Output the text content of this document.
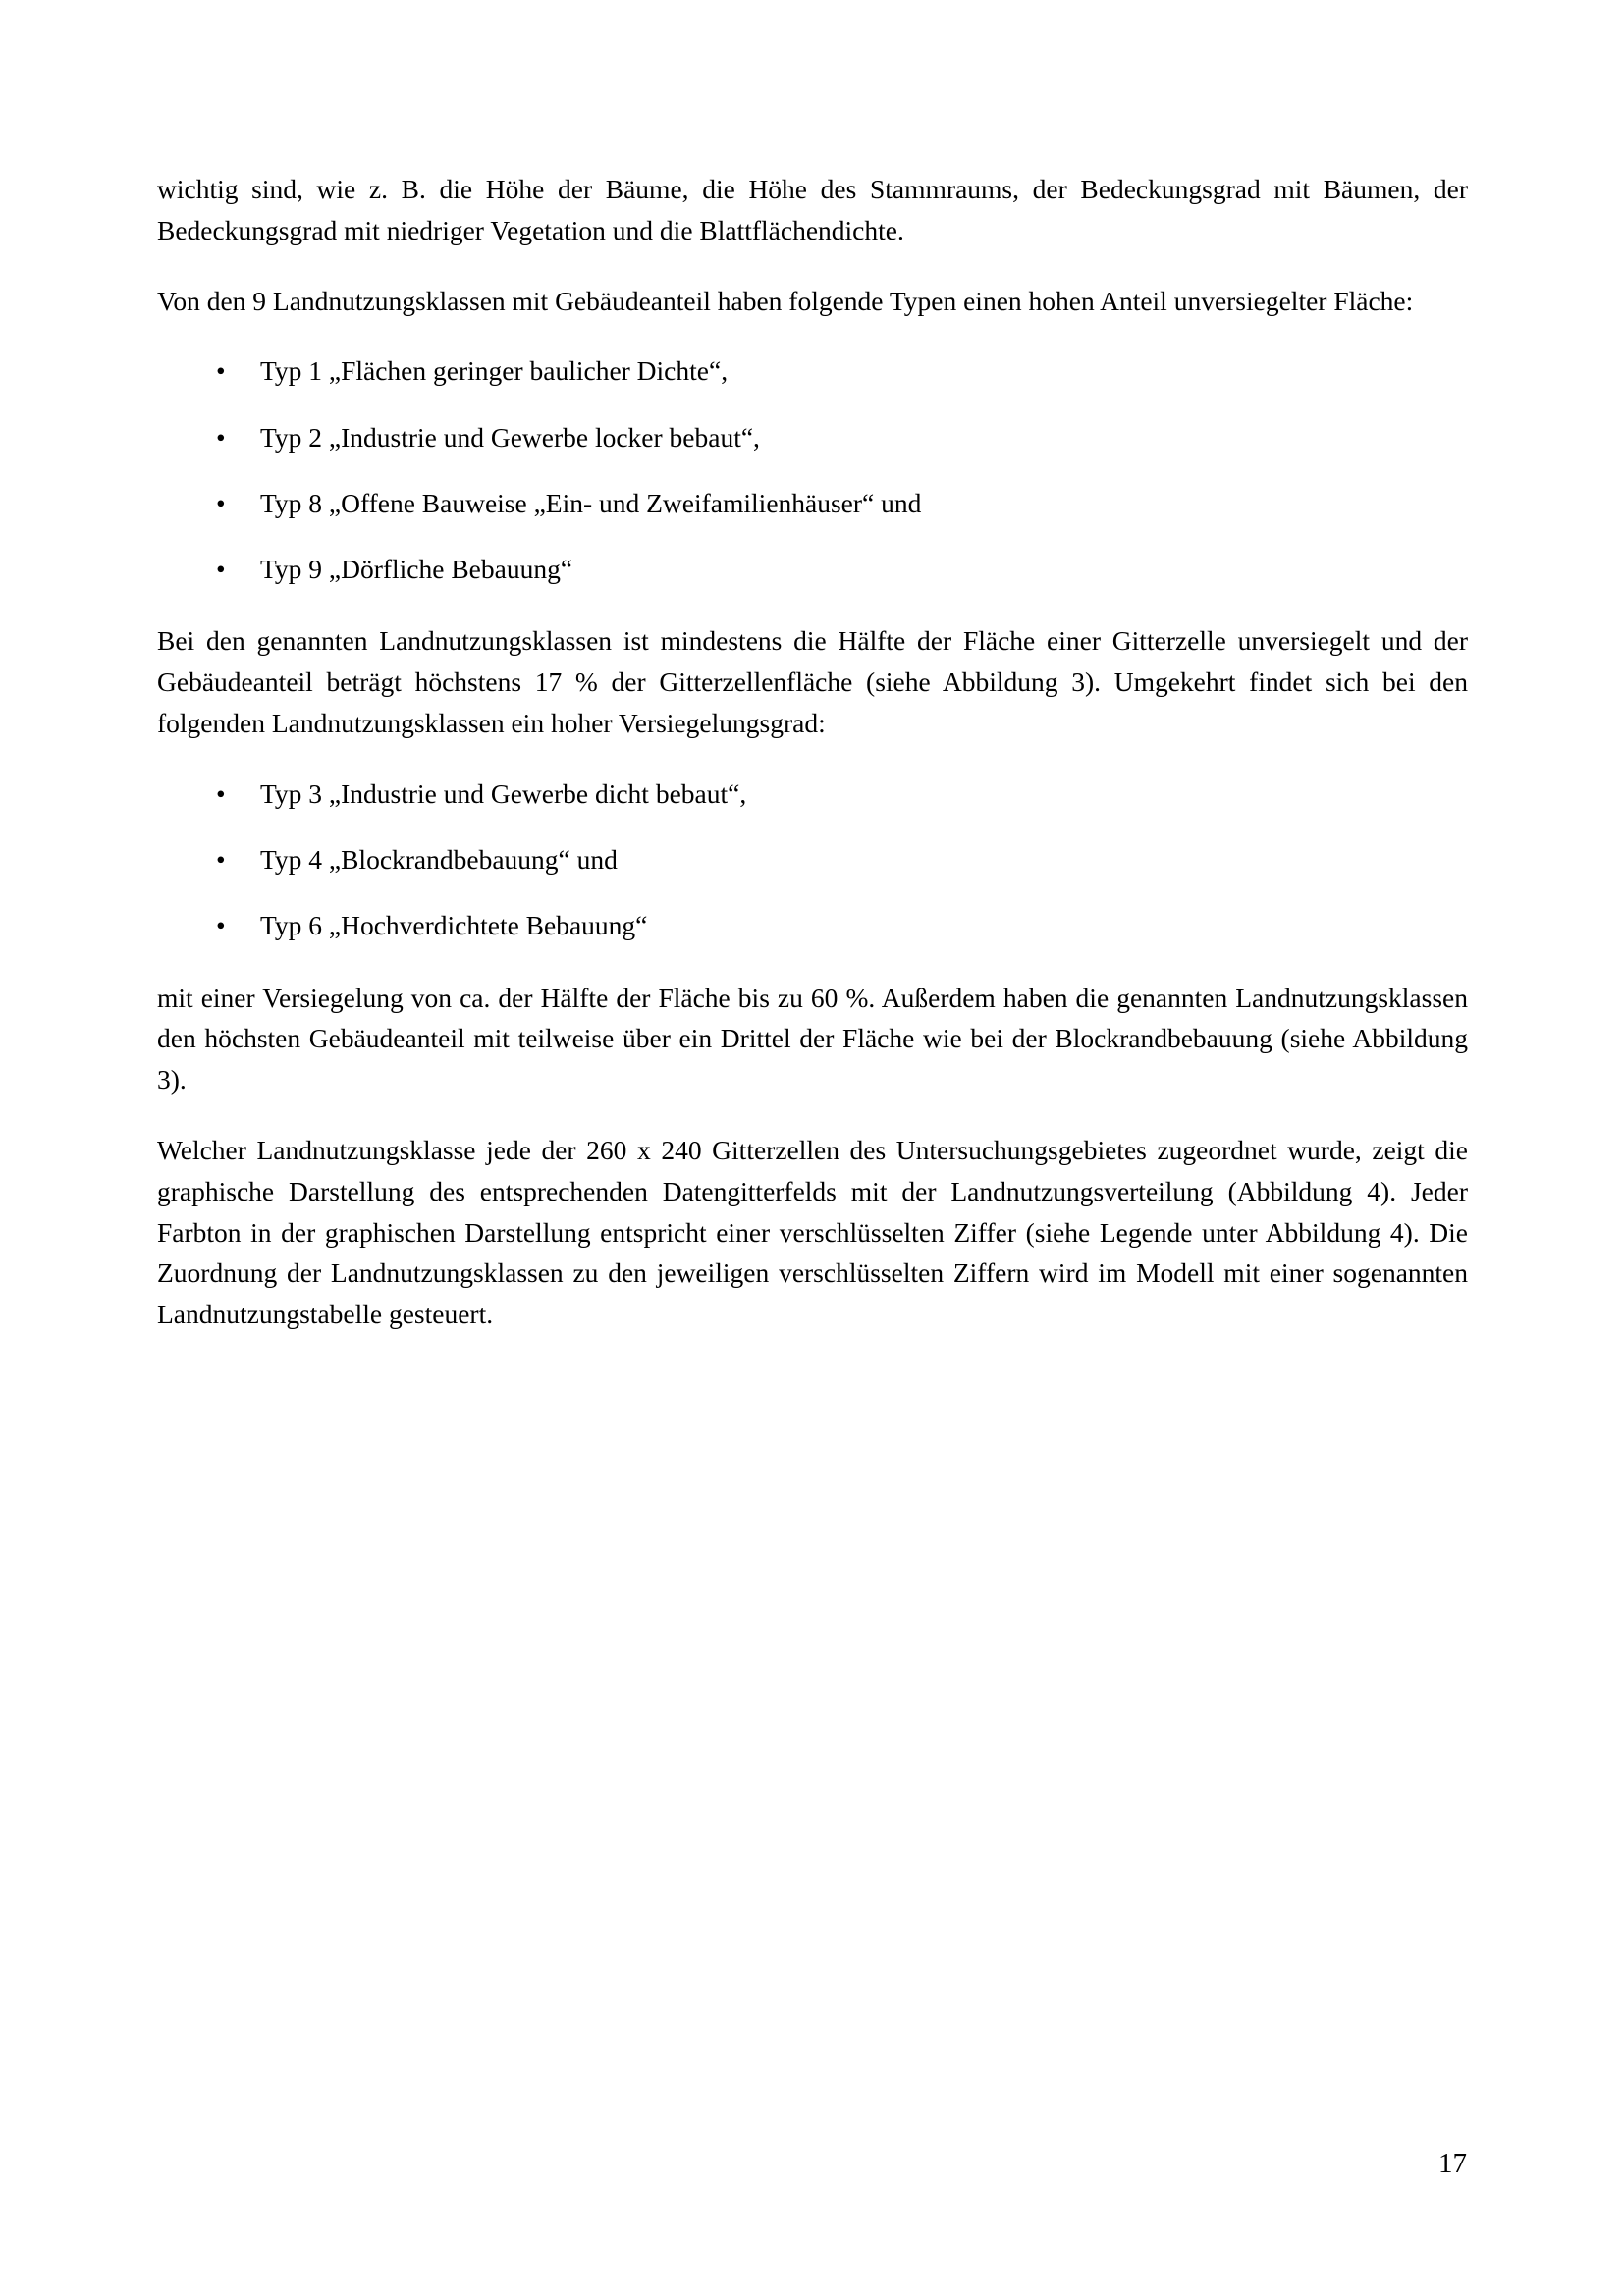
wichtig sind, wie z. B. die Höhe der Bäume, die Höhe des Stammraums, der Bedeckungsgrad mit Bäumen, der Bedeckungsgrad mit niedriger Vegetation und die Blattflächendichte.

Von den 9 Landnutzungsklassen mit Gebäudeanteil haben folgende Typen einen hohen Anteil unversiegelter Fläche:

• Typ 1 „Flächen geringer baulicher Dichte“,
• Typ 2 „Industrie und Gewerbe locker bebaut“,
• Typ 8 „Offene Bauweise „Ein- und Zweifamilienhäuser“ und
• Typ 9 „Dörfliche Bebauung“

Bei den genannten Landnutzungsklassen ist mindestens die Hälfte der Fläche einer Gitterzelle unversiegelt und der Gebäudeanteil beträgt höchstens 17 % der Gitterzellenfläche (siehe Abbildung 3). Umgekehrt findet sich bei den folgenden Landnutzungsklassen ein hoher Versiegelungsgrad:

• Typ 3 „Industrie und Gewerbe dicht bebaut“,
• Typ 4 „Blockrandbebauung“ und
• Typ 6 „Hochverdichtete Bebauung“

mit einer Versiegelung von ca. der Hälfte der Fläche bis zu 60 %. Außerdem haben die genannten Landnutzungsklassen den höchsten Gebäudeanteil mit teilweise über ein Drittel der Fläche wie bei der Blockrandbebauung (siehe Abbildung 3).

Welcher Landnutzungsklasse jede der 260 x 240 Gitterzellen des Untersuchungsgebietes zugeordnet wurde, zeigt die graphische Darstellung des entsprechenden Datengitterfelds mit der Landnutzungsverteilung (Abbildung 4). Jeder Farbton in der graphischen Darstellung entspricht einer verschlüsselten Ziffer (siehe Legende unter Abbildung 4). Die Zuordnung der Landnutzungsklassen zu den jeweiligen verschlüsselten Ziffern wird im Modell mit einer sogenannten Landnutzungstabelle gesteuert.

17
